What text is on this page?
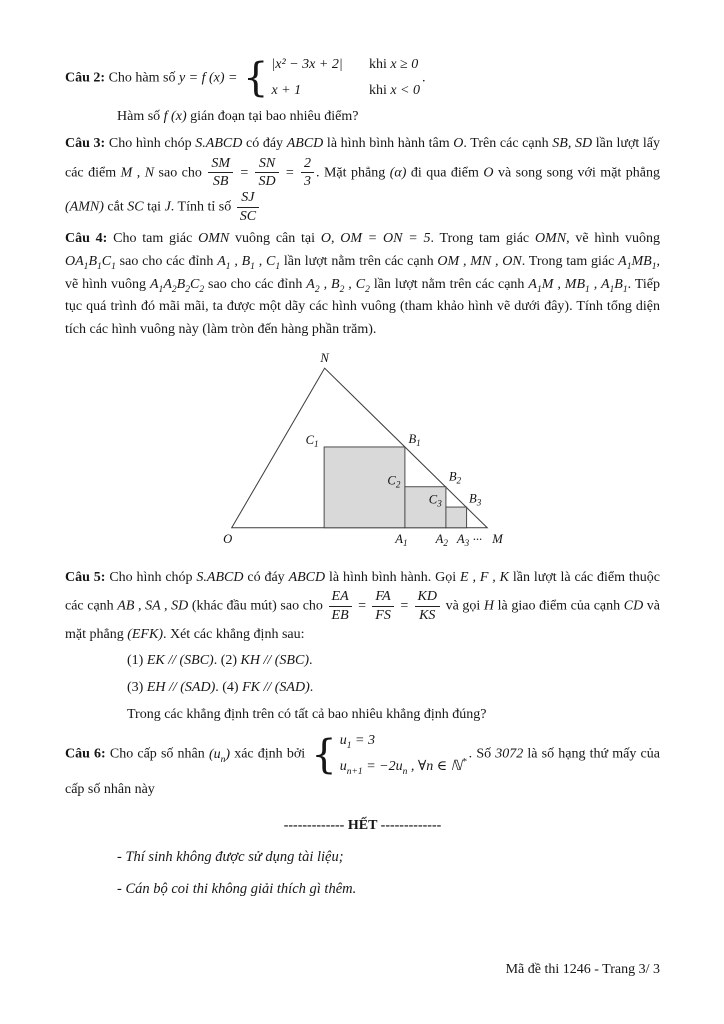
Câu 2: Cho hàm số y = f (x) = { |x² − 3x + 2| khi x ≥ 0
x + 1	khi x < 0
.

Hàm số f (x) gián đoạn tại bao nhiêu điểm?

Câu 3: Cho hình chóp S.ABCD có đáy ABCD là hình bình hành tâm O. Trên các cạnh SB, SD lần lượt lấy các điểm M , N sao cho $\frac{SM}{SB} = \frac{SN}{SD} = \frac{2}{3}$ . Mặt phẳng (α) đi qua điểm O và song song với mặt phẳng (AMN) cắt SC tại J. Tính tỉ số $\frac{SJ}{SC}$

Câu 4: Cho tam giác OMN vuông cân tại O, OM = ON = 5. Trong tam giác OMN, vẽ hình vuông $OA_1B_1C_1$ sao cho các đỉnh $A_1$ , $B_1$ , $C_1$ lần lượt nằm trên các cạnh OM , MN , ON. Trong tam giác $A_1MB_1$, vẽ hình vuông $A_1A_2B_2C_2$ sao cho các đỉnh $A_2$ , $B_2$ , $C_2$ lần lượt nằm trên các cạnh $A_1M$ , $MB_1$ , $A_1B_1$. Tiếp tục quá trình đó mãi mãi, ta được một dãy các hình vuông (tham khảo hình vẽ dưới đây). Tính tổng diện tích các hình vuông này (làm tròn đến hàng phần trăm).

N
O	M
$C_1$	$B_1$
$C_2$
$B_2$
$C_3$ $B_3$
$A_1$ $A_2$ $A_3$
...

Câu 5: Cho hình chóp S.ABCD có đáy ABCD là hình bình hành. Gọi E , F , K lần lượt là các điểm thuộc các cạnh AB , SA , SD (khác đầu mút) sao cho $\frac{EA}{EB} = \frac{FA}{FS} = \frac{KD}{KS}$ và gọi H là giao điểm của cạnh CD và mặt phẳng (EFK). Xét các khẳng định sau:

(1) EK // (SBC). (2) KH // (SBC).

(3) EH // (SAD). (4) FK // (SAD).

Trong các khẳng định trên có tất cả bao nhiêu khẳng định đúng?

Câu 6: Cho cấp số nhân $(u_n)$ xác định bởi { $u_1 = 3$
$u_{n+1} = -2u_n$ , ∀n ∈ ℕ*
. Số 3072 là số hạng thứ mấy của cấp số nhân này

------------- HẾT -------------

- Thí sinh không được sử dụng tài liệu;

- Cán bộ coi thi không giải thích gì thêm.

Mã đề thi 1246 - Trang 3/ 3
